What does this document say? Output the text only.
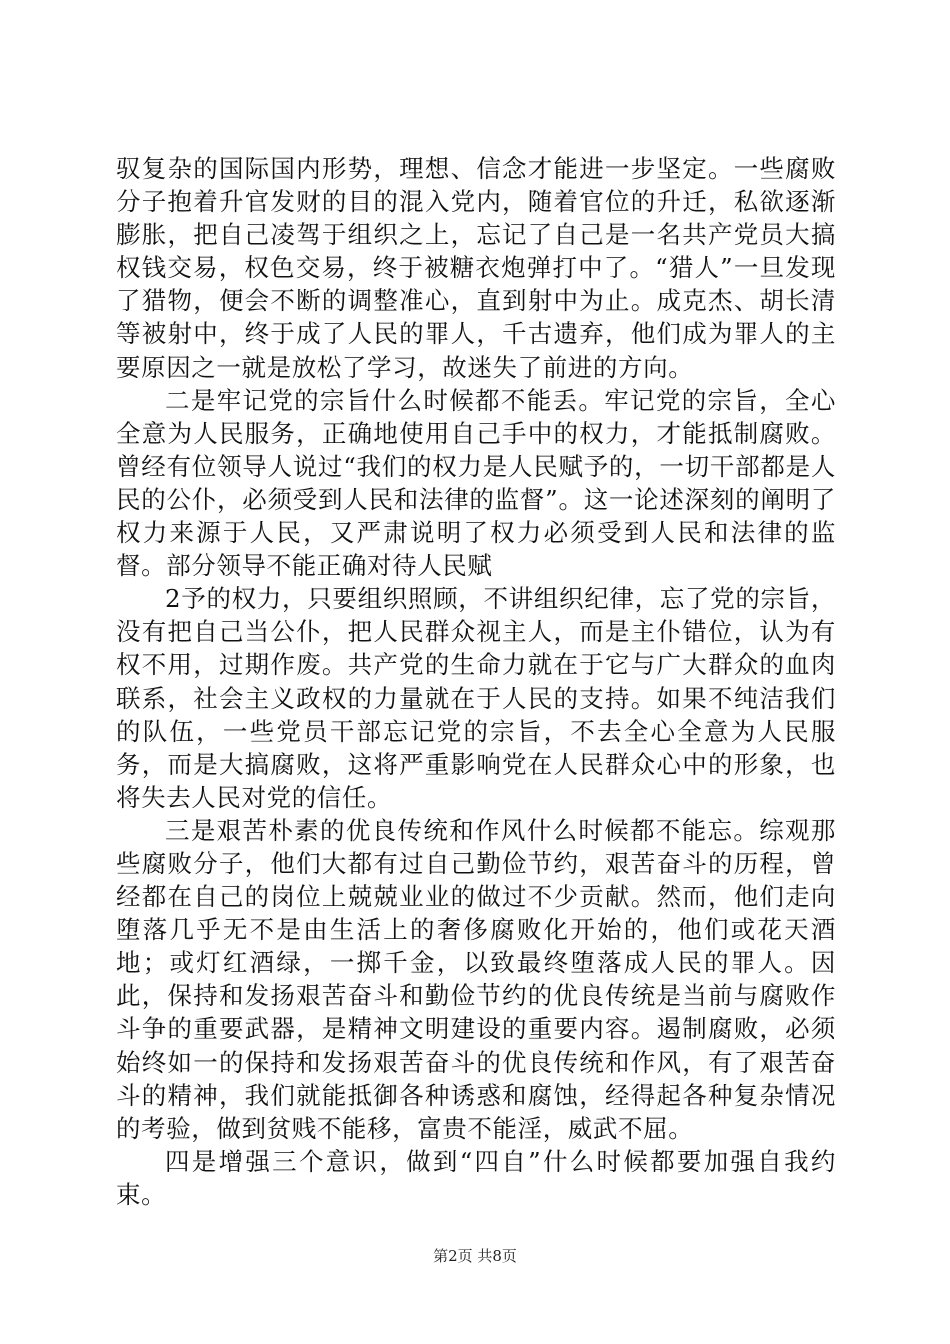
驭复杂的国际国内形势，理想、信念才能进一步坚定。一些腐败分子抱着升官发财的目的混入党内，随着官位的升迁，私欲逐渐膨胀，把自己凌驾于组织之上，忘记了自己是一名共产党员大搞权钱交易，权色交易，终于被糖衣炮弹打中了。“猎人”一旦发现了猎物，便会不断的调整准心，直到射中为止。成克杰、胡长清等被射中，终于成了人民的罪人，千古遗弃，他们成为罪人的主要原因之一就是放松了学习，故迷失了前进的方向。

二是牢记党的宗旨什么时候都不能丢。牢记党的宗旨，全心全意为人民服务，正确地使用自己手中的权力，才能抵制腐败。曾经有位领导人说过“我们的权力是人民赋予的，一切干部都是人民的公仆，必须受到人民和法律的监督”。这一论述深刻的阐明了权力来源于人民，又严肃说明了权力必须受到人民和法律的监督。部分领导不能正确对待人民赋

2予的权力，只要组织照顾，不讲组织纪律，忘了党的宗旨，没有把自己当公仆，把人民群众视主人，而是主仆错位，认为有权不用，过期作废。共产党的生命力就在于它与广大群众的血肉联系，社会主义政权的力量就在于人民的支持。如果不纯洁我们的队伍，一些党员干部忘记党的宗旨，不去全心全意为人民服务，而是大搞腐败，这将严重影响党在人民群众心中的形象，也将失去人民对党的信任。

三是艰苦朴素的优良传统和作风什么时候都不能忘。综观那些腐败分子，他们大都有过自己勤俭节约，艰苦奋斗的历程，曾经都在自己的岗位上兢兢业业的做过不少贡献。然而，他们走向堕落几乎无不是由生活上的奢侈腐败化开始的，他们或花天酒地；或灯红酒绿，一掷千金，以致最终堕落成人民的罪人。因此，保持和发扬艰苦奋斗和勤俭节约的优良传统是当前与腐败作斗争的重要武器，是精神文明建设的重要内容。遏制腐败，必须始终如一的保持和发扬艰苦奋斗的优良传统和作风，有了艰苦奋斗的精神，我们就能抵御各种诱惑和腐蚀，经得起各种复杂情况的考验，做到贫贱不能移，富贵不能淫，威武不屈。

四是增强三个意识，做到“四自”什么时候都要加强自我约束。

第2页 共8页
